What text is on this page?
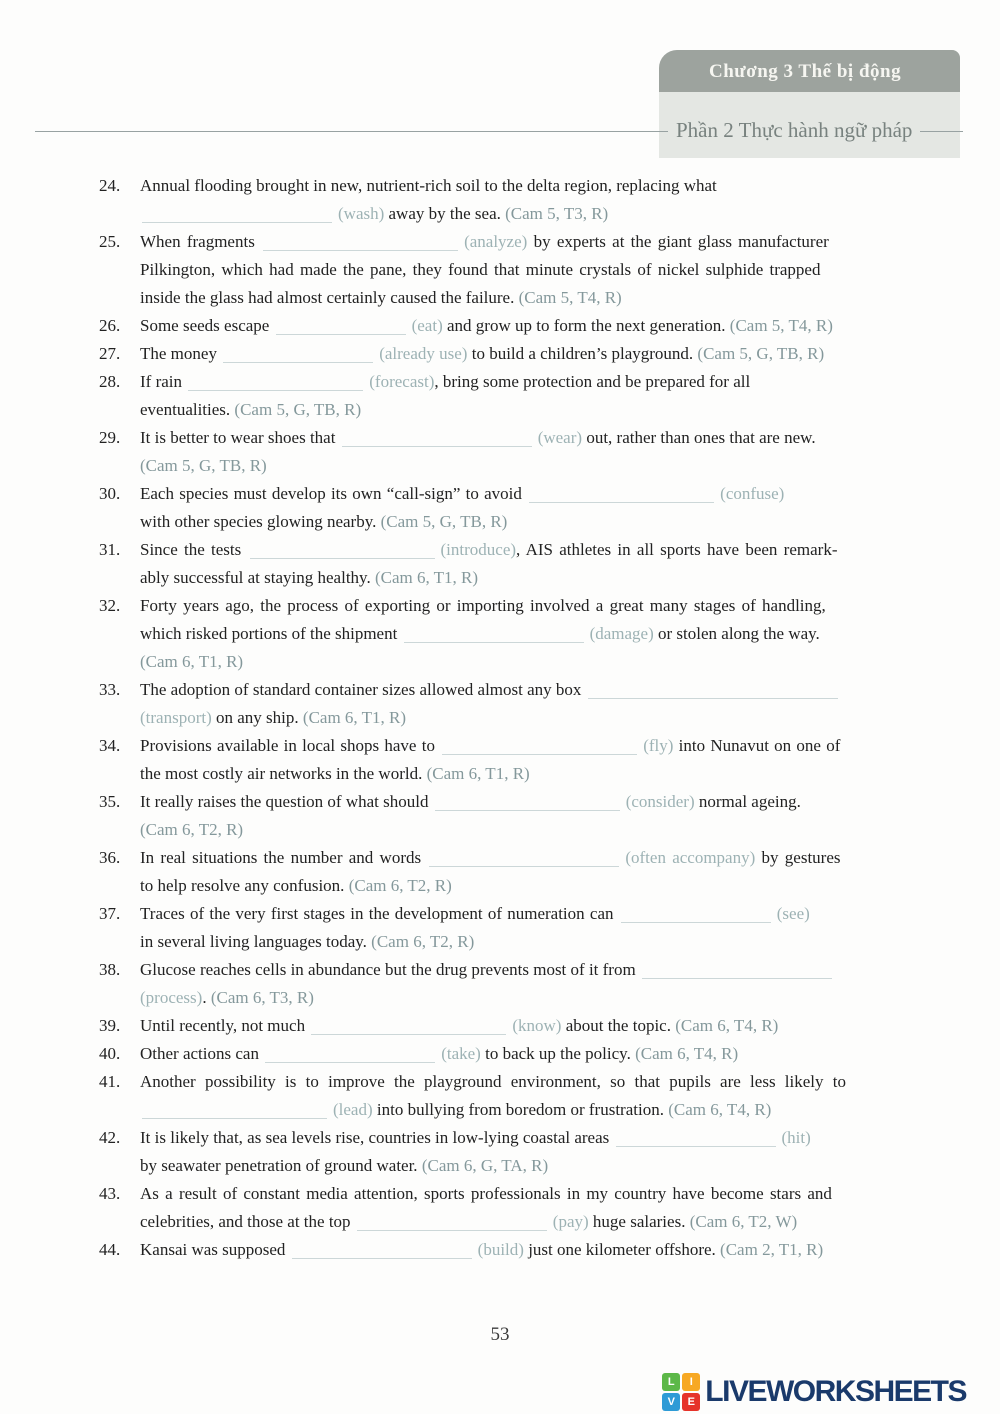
Phần 2 Thực hành ngữ pháp
Chương 3 Thế bị động
24. Annual flooding brought in new, nutrient-rich soil to the delta region, replacing what
(wash) away by the sea. (Cam 5, T3, R)
25. When fragments	(analyze) by experts at the giant glass manufacturer
Pilkington, which had made the pane, they found that minute crystals of nickel sulphide trapped
inside the glass had almost certainly caused the failure. (Cam 5, T4, R)
26. Some seeds escape	(eat) and grow up to form the next generation. (Cam 5, T4, R)
27. The money	(already use) to build a children’s playground. (Cam 5, G, TB, R)
28. If rain	(forecast), bring some protection and be prepared for all
eventualities. (Cam 5, G, TB, R)
29. It is better to wear shoes that	(wear) out, rather than ones that are new.
(Cam 5, G, TB, R)
30. Each species must develop its own “call-sign” to avoid	(confuse)
with other species glowing nearby. (Cam 5, G, TB, R)
31. Since the tests	(introduce), AIS athletes in all sports have been remark-
ably successful at staying healthy. (Cam 6, T1, R)
32. Forty years ago, the process of exporting or importing involved a great many stages of handling,
which risked portions of the shipment	(damage) or stolen along the way.
(Cam 6, T1, R)
33. The adoption of standard container sizes allowed almost any box
(transport) on any ship. (Cam 6, T1, R)
34. Provisions available in local shops have to	(fly) into Nunavut on one of
the most costly air networks in the world. (Cam 6, T1, R)
35. It really raises the question of what should	(consider) normal ageing.
(Cam 6, T2, R)
36. In real situations the number and words	(often accompany) by gestures
to help resolve any confusion. (Cam 6, T2, R)
37. Traces of the very first stages in the development of numeration can	(see)
in several living languages today. (Cam 6, T2, R)
38. Glucose reaches cells in abundance but the drug prevents most of it from
(process). (Cam 6, T3, R)
39. Until recently, not much	(know) about the topic. (Cam 6, T4, R)
40. Other actions can	(take) to back up the policy. (Cam 6, T4, R)
41. Another possibility is to improve the playground environment, so that pupils are less likely to
(lead) into bullying from boredom or frustration. (Cam 6, T4, R)
42. It is likely that, as sea levels rise, countries in low-lying coastal areas	(hit)
by seawater penetration of ground water. (Cam 6, G, TA, R)
43. As a result of constant media attention, sports professionals in my country have become stars and
celebrities, and those at the top	(pay) huge salaries. (Cam 6, T2, W)
44. Kansai was supposed	(build) just one kilometer offshore. (Cam 2, T1, R)
53
L	I
V	E LIVEWORKSHEETS
